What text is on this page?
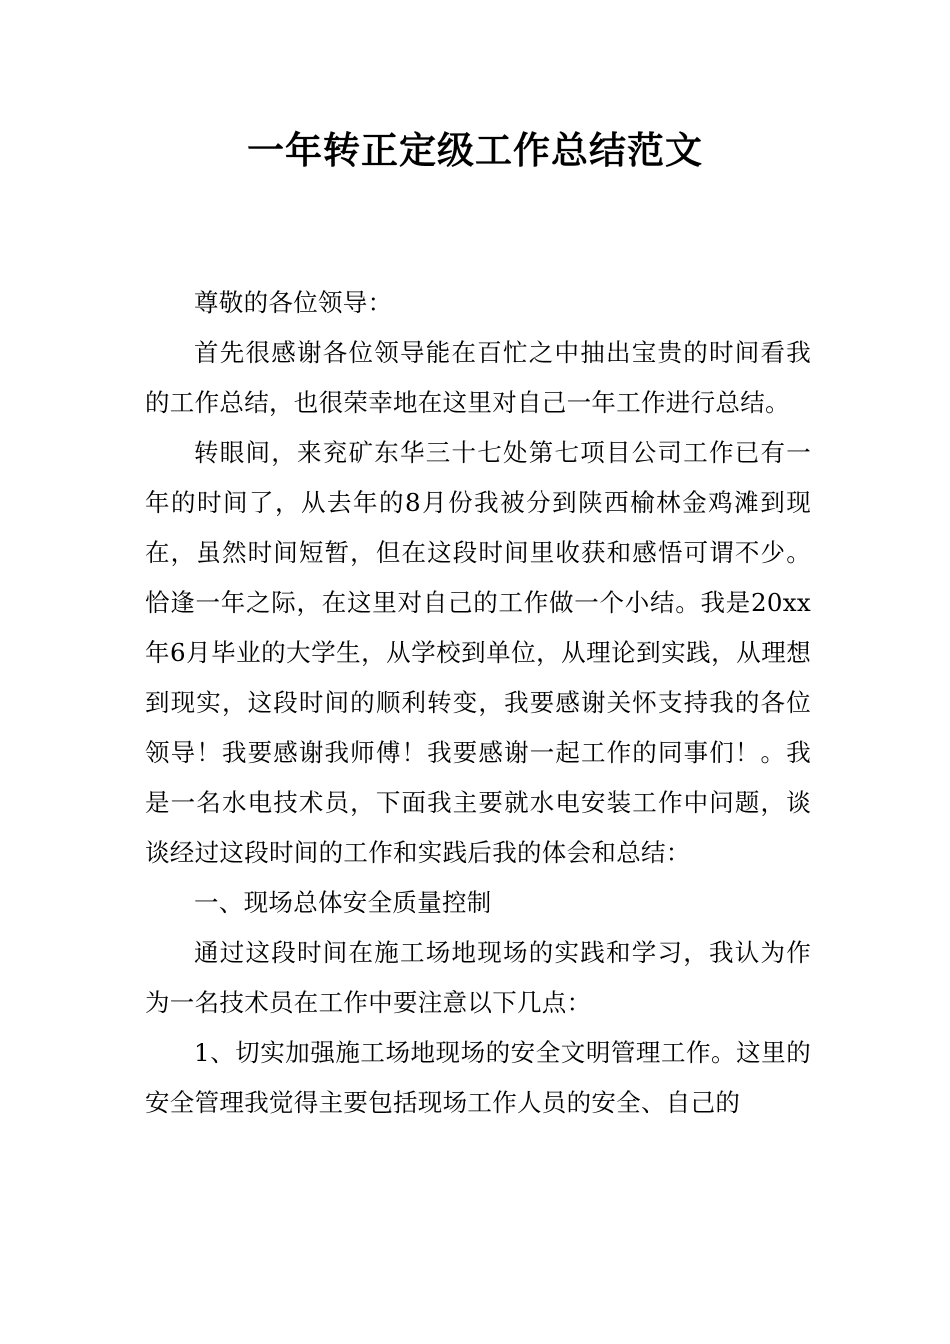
一年转正定级工作总结范文

尊敬的各位领导：

首先很感谢各位领导能在百忙之中抽出宝贵的时间看我的工作总结，也很荣幸地在这里对自己一年工作进行总结。

转眼间，来兖矿东华三十七处第七项目公司工作已有一年的时间了，从去年的8月份我被分到陕西榆林金鸡滩到现在，虽然时间短暂，但在这段时间里收获和感悟可谓不少。恰逢一年之际，在这里对自己的工作做一个小结。我是20xx年6月毕业的大学生，从学校到单位，从理论到实践，从理想到现实，这段时间的顺利转变，我要感谢关怀支持我的各位领导！我要感谢我师傅！我要感谢一起工作的同事们！。我是一名水电技术员，下面我主要就水电安装工作中问题，谈谈经过这段时间的工作和实践后我的体会和总结：

一、现场总体安全质量控制

通过这段时间在施工场地现场的实践和学习，我认为作为一名技术员在工作中要注意以下几点：

1、切实加强施工场地现场的安全文明管理工作。这里的安全管理我觉得主要包括现场工作人员的安全、自己的
